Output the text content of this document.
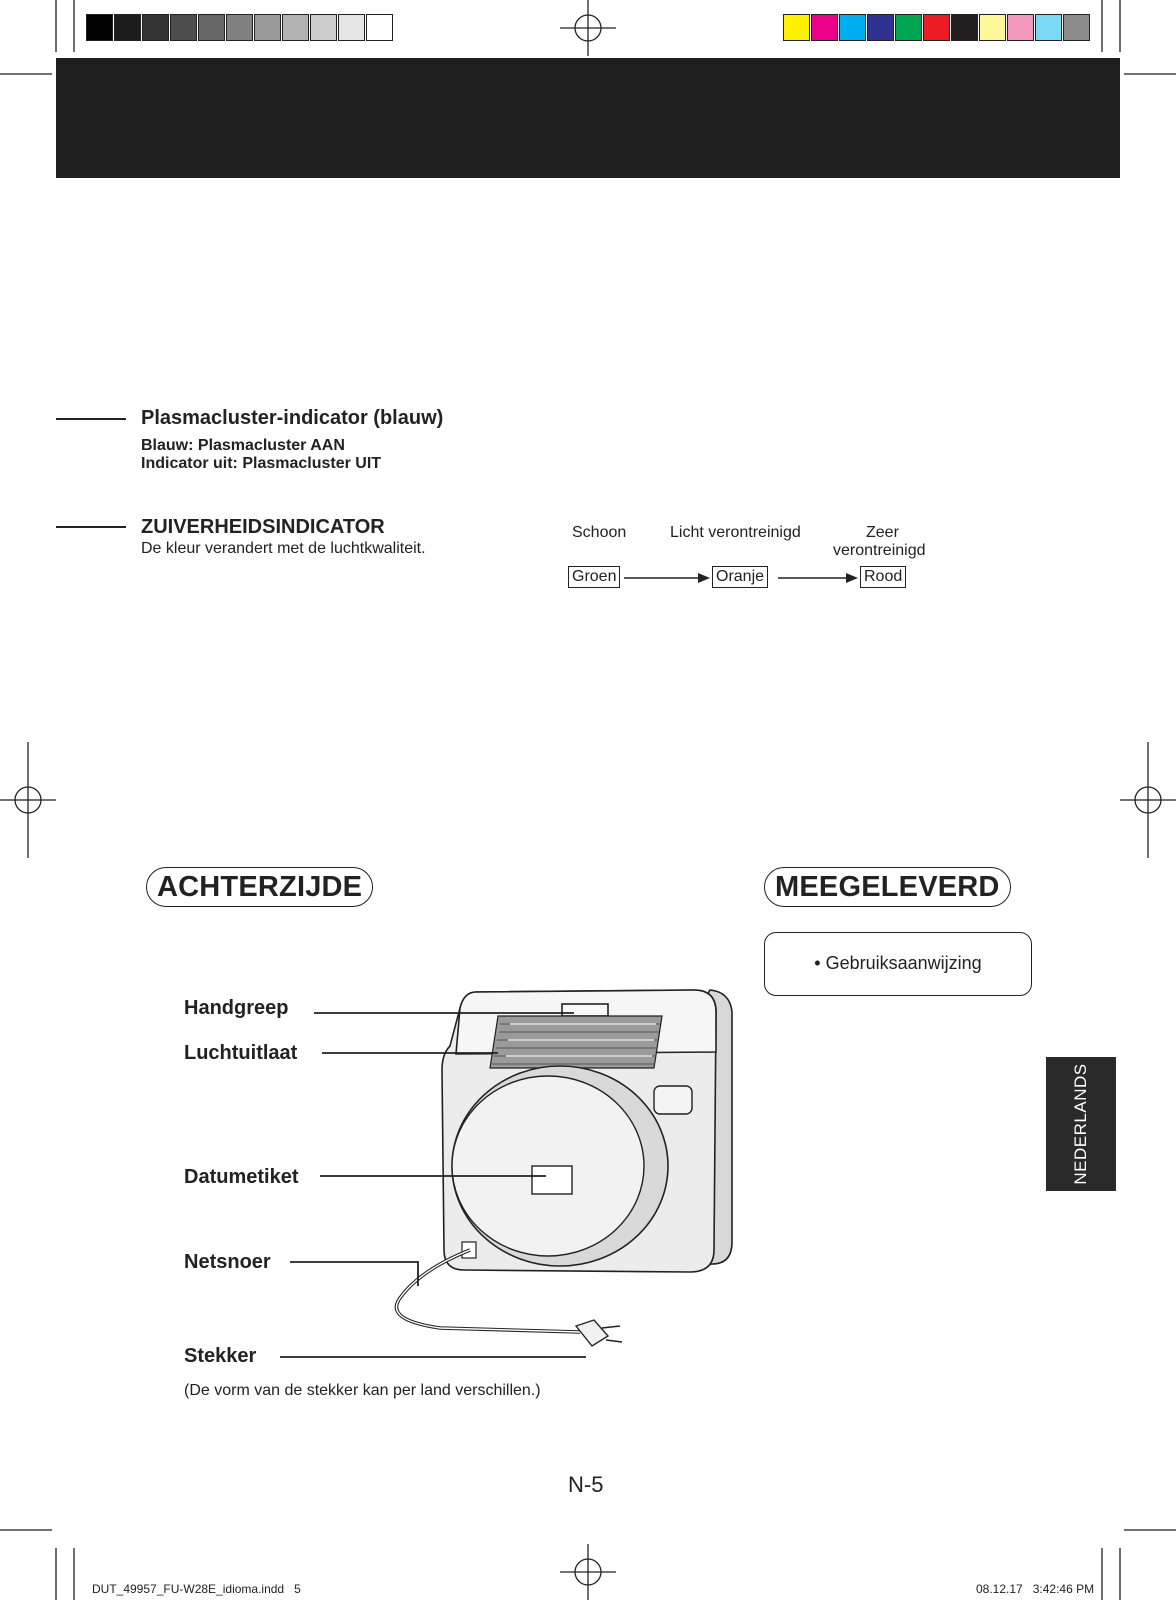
Plasmacluster-indicator (blauw)
Blauw: Plasmacluster AAN
Indicator uit: Plasmacluster UIT
ZUIVERHEIDSINDICATOR
De kleur verandert met de luchtkwaliteit.
Schoon	Licht verontreinigd	Zeer
verontreinigd
Groen	Oranje	Rood
ACHTERZIJDE	MEEGELEVERD
• Gebruiksaanwijzing
NEDERLANDS
Handgreep
Luchtuitlaat
Datumetiket
Netsnoer
Stekker
(De vorm van de stekker kan per land verschillen.)
N-5
DUT_49957_FU-W28E_idioma.indd   5	08.12.17   3:42:46 PM
